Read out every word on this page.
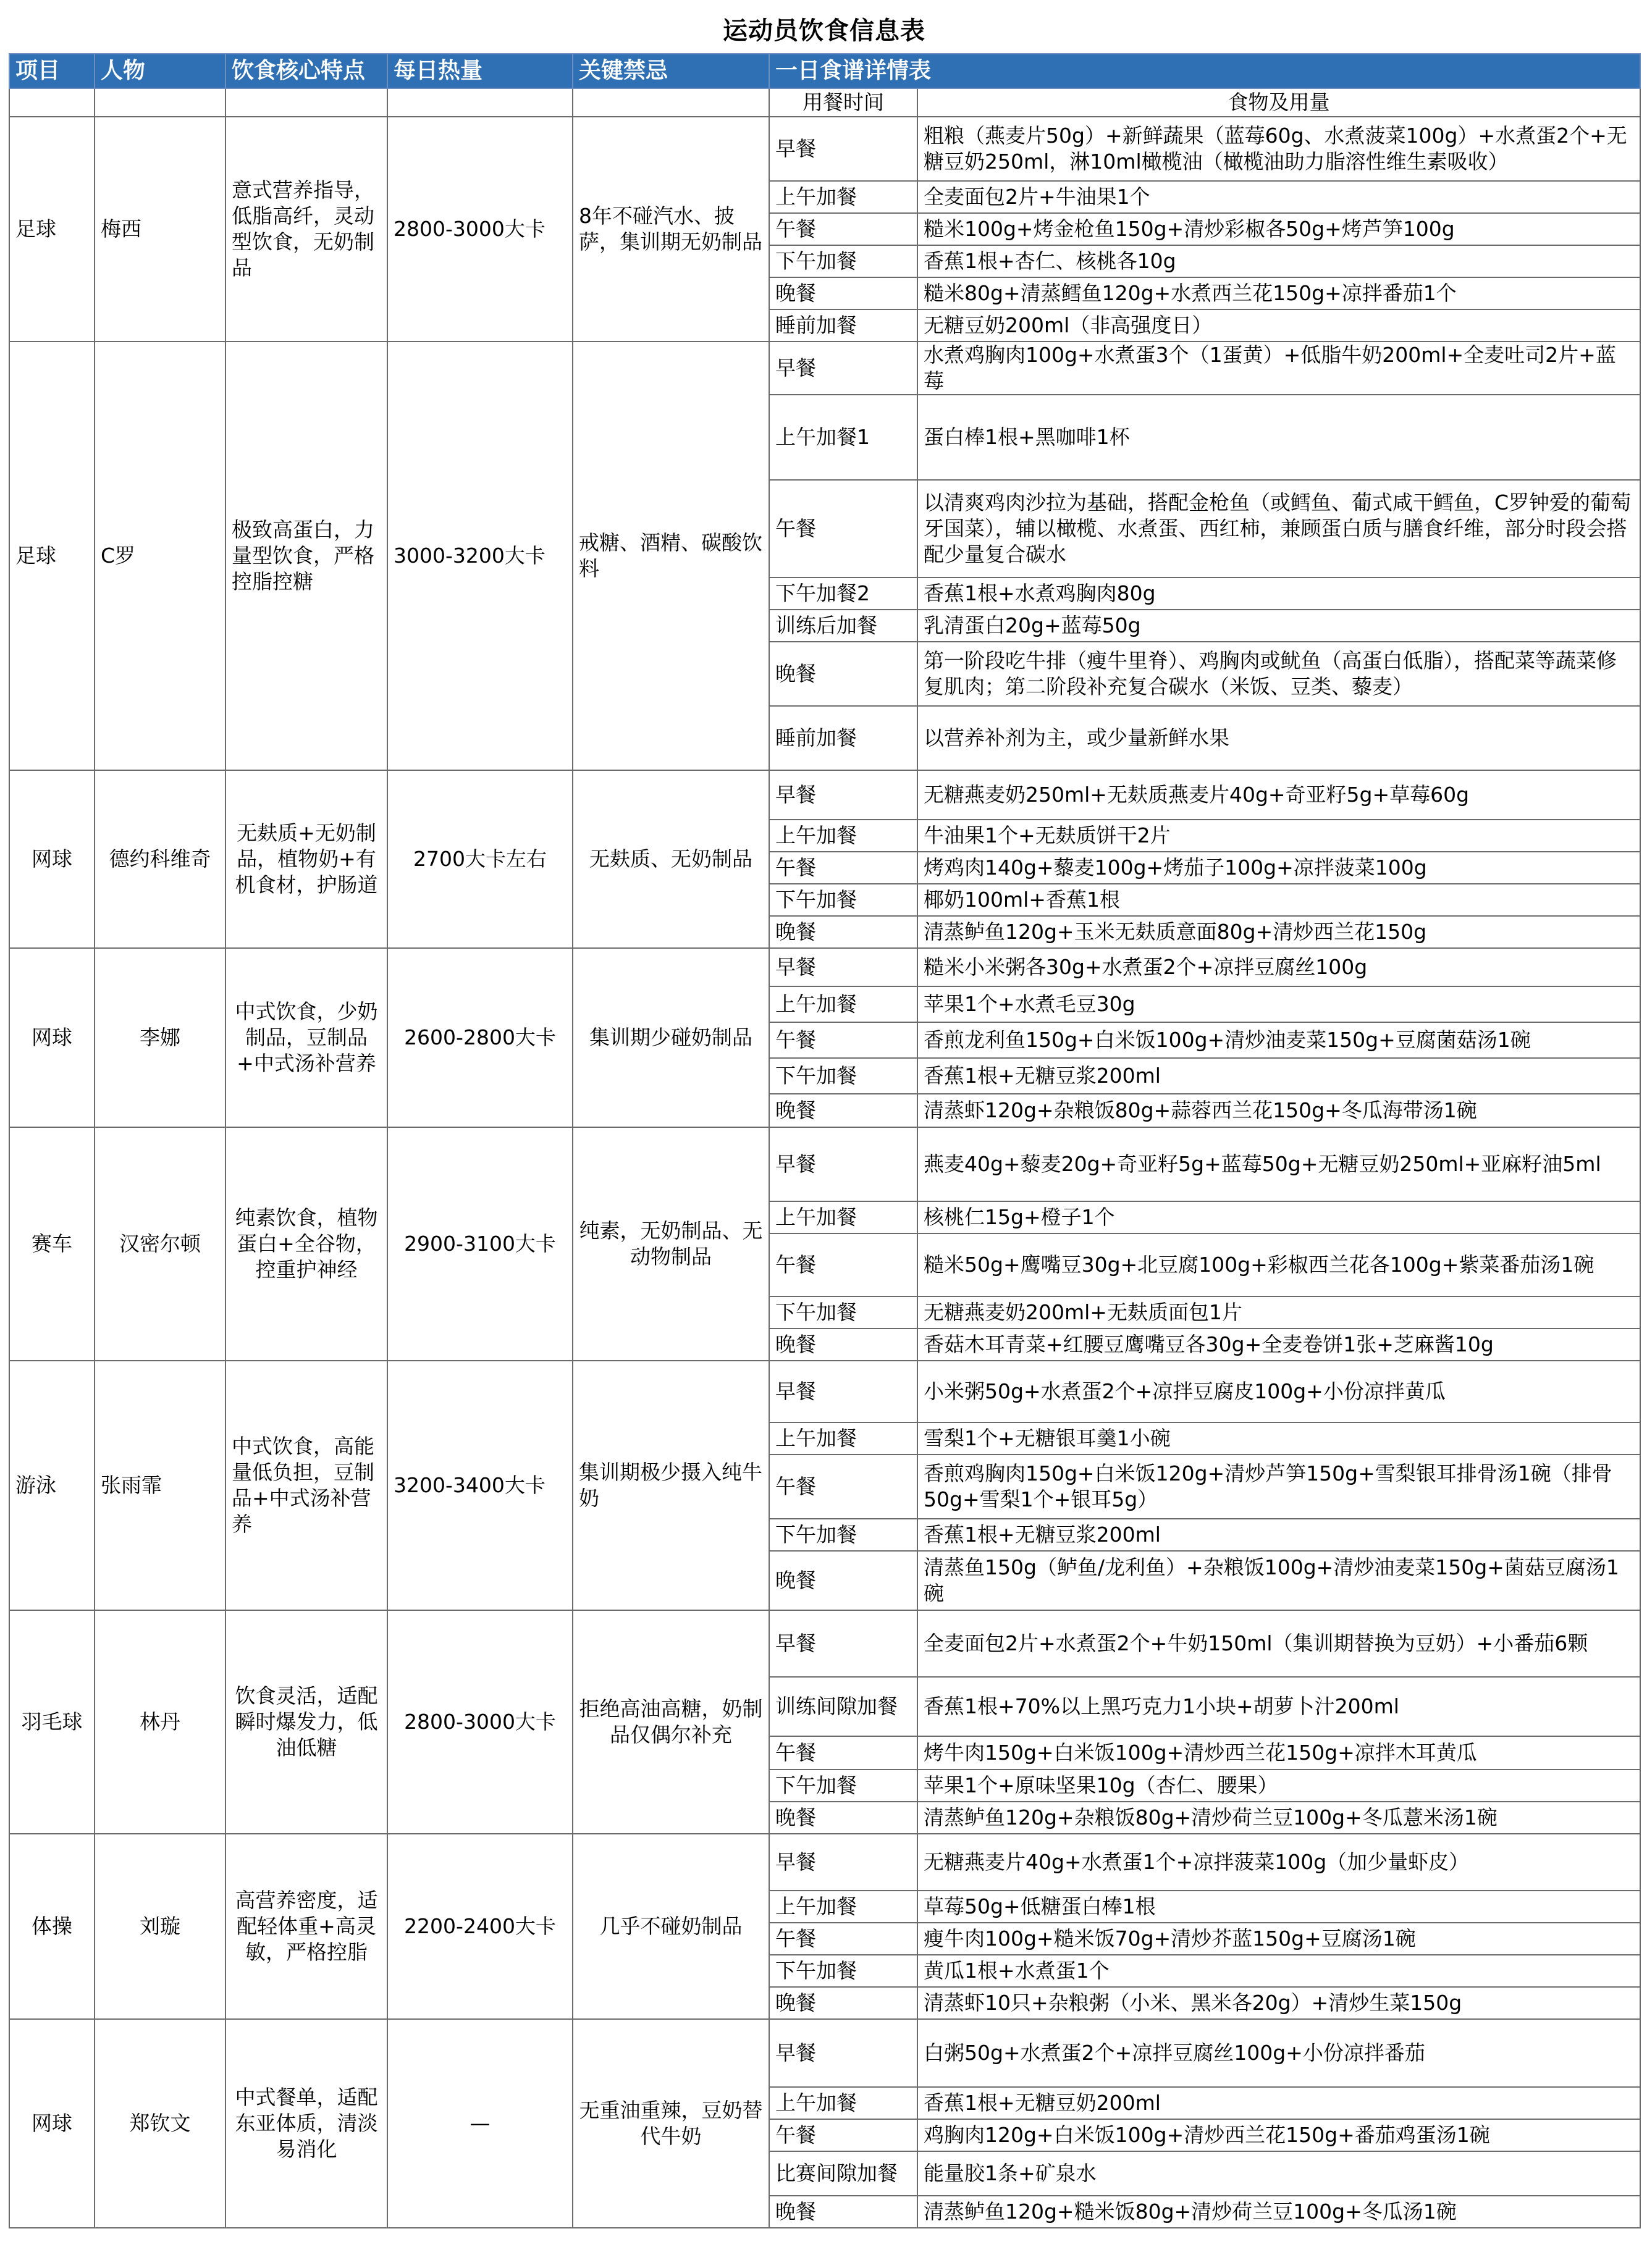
运动员饮食信息表
项目	人物	饮食核心特点	每日热量	关键禁忌	一日食谱详情表	
					用餐时间	食物及用量
足球	梅西	意式营养指导，低脂高纤，灵动型饮食，无奶制品	2800-3000大卡	8年不碰汽水、披萨，集训期无奶制品	早餐	粗粮（燕麦片50g）+新鲜蔬果（蓝莓60g、水煮菠菜100g）+水煮蛋2个+无糖豆奶250ml，淋10ml橄榄油（橄榄油助力脂溶性维生素吸收）
					上午加餐	全麦面包2片+牛油果1个
					午餐	糙米100g+烤金枪鱼150g+清炒彩椒各50g+烤芦笋100g
					下午加餐	香蕉1根+杏仁、核桃各10g
					晚餐	糙米80g+清蒸鳕鱼120g+水煮西兰花150g+凉拌番茄1个
					睡前加餐	无糖豆奶200ml（非高强度日）
足球	C罗	极致高蛋白，力量型饮食，严格控脂控糖	3000-3200大卡	戒糖、酒精、碳酸饮料	早餐	水煮鸡胸肉100g+水煮蛋3个（1蛋黄）+低脂牛奶200ml+全麦吐司2片+蓝莓
					上午加餐1	蛋白棒1根+黑咖啡1杯
					午餐	以清爽鸡肉沙拉为基础，搭配金枪鱼（或鳕鱼、葡式咸干鳕鱼，C罗钟爱的葡萄牙国菜），辅以橄榄、水煮蛋、西红柿，兼顾蛋白质与膳食纤维，部分时段会搭配少量复合碳水
					下午加餐2	香蕉1根+水煮鸡胸肉80g
					训练后加餐	乳清蛋白20g+蓝莓50g
					晚餐	第一阶段吃牛排（瘦牛里脊）、鸡胸肉或鱿鱼（高蛋白低脂），搭配菜等蔬菜修复肌肉；第二阶段补充复合碳水（米饭、豆类、藜麦）
					睡前加餐	以营养补剂为主，或少量新鲜水果
网球	德约科维奇	无麸质+无奶制品，植物奶+有机食材，护肠道	2700大卡左右	无麸质、无奶制品	早餐	无糖燕麦奶250ml+无麸质燕麦片40g+奇亚籽5g+草莓60g
					上午加餐	牛油果1个+无麸质饼干2片
					午餐	烤鸡肉140g+藜麦100g+烤茄子100g+凉拌菠菜100g
					下午加餐	椰奶100ml+香蕉1根
					晚餐	清蒸鲈鱼120g+玉米无麸质意面80g+清炒西兰花150g
网球	李娜	中式饮食，少奶制品，豆制品+中式汤补营养	2600-2800大卡	集训期少碰奶制品	早餐	糙米小米粥各30g+水煮蛋2个+凉拌豆腐丝100g
					上午加餐	苹果1个+水煮毛豆30g
					午餐	香煎龙利鱼150g+白米饭100g+清炒油麦菜150g+豆腐菌菇汤1碗
					下午加餐	香蕉1根+无糖豆浆200ml
					晚餐	清蒸虾120g+杂粮饭80g+蒜蓉西兰花150g+冬瓜海带汤1碗
赛车	汉密尔顿	纯素饮食，植物蛋白+全谷物，控重护神经	2900-3100大卡	纯素，无奶制品、无动物制品	早餐	燕麦40g+藜麦20g+奇亚籽5g+蓝莓50g+无糖豆奶250ml+亚麻籽油5ml
					上午加餐	核桃仁15g+橙子1个
					午餐	糙米50g+鹰嘴豆30g+北豆腐100g+彩椒西兰花各100g+紫菜番茄汤1碗
					下午加餐	无糖燕麦奶200ml+无麸质面包1片
					晚餐	香菇木耳青菜+红腰豆鹰嘴豆各30g+全麦卷饼1张+芝麻酱10g
游泳	张雨霏	中式饮食，高能量低负担，豆制品+中式汤补营养	3200-3400大卡	集训期极少摄入纯牛奶	早餐	小米粥50g+水煮蛋2个+凉拌豆腐皮100g+小份凉拌黄瓜
					上午加餐	雪梨1个+无糖银耳羹1小碗
					午餐	香煎鸡胸肉150g+白米饭120g+清炒芦笋150g+雪梨银耳排骨汤1碗（排骨50g+雪梨1个+银耳5g）
					下午加餐	香蕉1根+无糖豆浆200ml
					晚餐	清蒸鱼150g（鲈鱼/龙利鱼）+杂粮饭100g+清炒油麦菜150g+菌菇豆腐汤1碗
羽毛球	林丹	饮食灵活，适配瞬时爆发力，低油低糖	2800-3000大卡	拒绝高油高糖，奶制品仅偶尔补充	早餐	全麦面包2片+水煮蛋2个+牛奶150ml（集训期替换为豆奶）+小番茄6颗
					训练间隙加餐	香蕉1根+70%以上黑巧克力1小块+胡萝卜汁200ml
					午餐	烤牛肉150g+白米饭100g+清炒西兰花150g+凉拌木耳黄瓜
					下午加餐	苹果1个+原味坚果10g（杏仁、腰果）
					晚餐	清蒸鲈鱼120g+杂粮饭80g+清炒荷兰豆100g+冬瓜薏米汤1碗
体操	刘璇	高营养密度，适配轻体重+高灵敏，严格控脂	2200-2400大卡	几乎不碰奶制品	早餐	无糖燕麦片40g+水煮蛋1个+凉拌菠菜100g（加少量虾皮）
					上午加餐	草莓50g+低糖蛋白棒1根
					午餐	瘦牛肉100g+糙米饭70g+清炒芥蓝150g+豆腐汤1碗
					下午加餐	黄瓜1根+水煮蛋1个
					晚餐	清蒸虾10只+杂粮粥（小米、黑米各20g）+清炒生菜150g
网球	郑钦文	中式餐单，适配东亚体质，清淡易消化	—	无重油重辣，豆奶替代牛奶	早餐	白粥50g+水煮蛋2个+凉拌豆腐丝100g+小份凉拌番茄
					上午加餐	香蕉1根+无糖豆奶200ml
					午餐	鸡胸肉120g+白米饭100g+清炒西兰花150g+番茄鸡蛋汤1碗
					比赛间隙加餐	能量胶1条+矿泉水
					晚餐	清蒸鲈鱼120g+糙米饭80g+清炒荷兰豆100g+冬瓜汤1碗
